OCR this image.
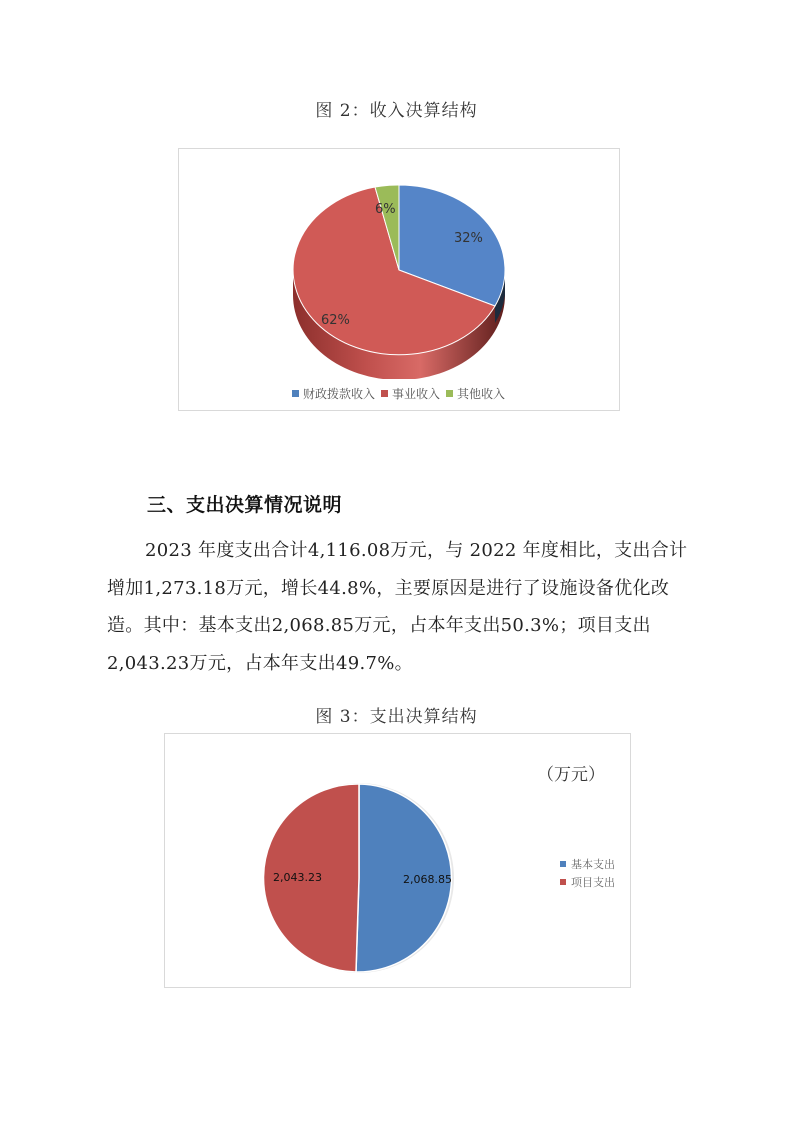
图 2：收入决算结构
32%
6%
62%
财政拨款收入 事业收入 其他收入
三、支出决算情况说明

2023 年度支出合计4,116.08万元，与 2022 年度相比，支出合计增加1,273.18万元，增长44.8%，主要原因是进行了设施设备优化改造。其中：基本支出2,068.85万元，占本年支出50.3%；项目支出2,043.23万元，占本年支出49.7%。

图 3：支出决算结构
（万元）
2,068.85
2,043.23
基本支出
项目支出
